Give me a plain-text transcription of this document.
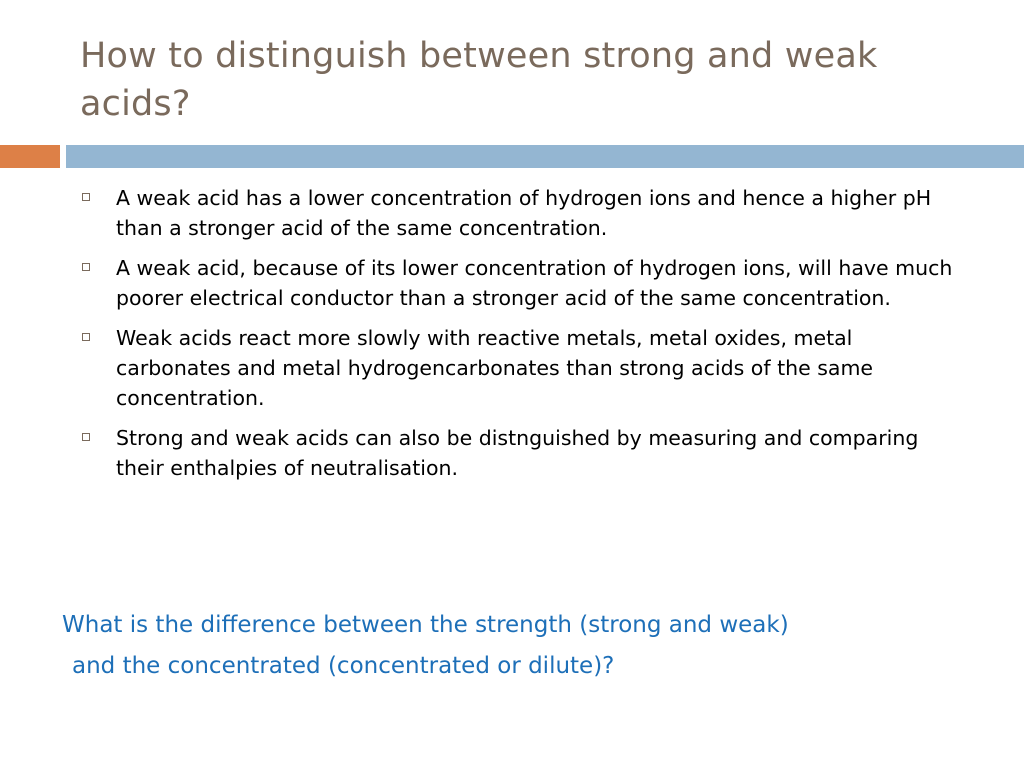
How to distinguish between strong and weak acids?
A weak acid has a lower concentration of hydrogen ions and hence a higher pH than a stronger acid of the same concentration.
A weak acid, because of its lower concentration of hydrogen ions, will have much poorer electrical conductor than a stronger acid of the same concentration.
Weak acids react more slowly with reactive metals, metal oxides, metal carbonates and metal hydrogencarbonates than strong acids of the same concentration.
Strong and weak acids can also be distnguished by measuring and comparing their enthalpies of neutralisation.

What is the difference between the strength (strong and weak)
and the concentrated (concentrated or dilute)?
